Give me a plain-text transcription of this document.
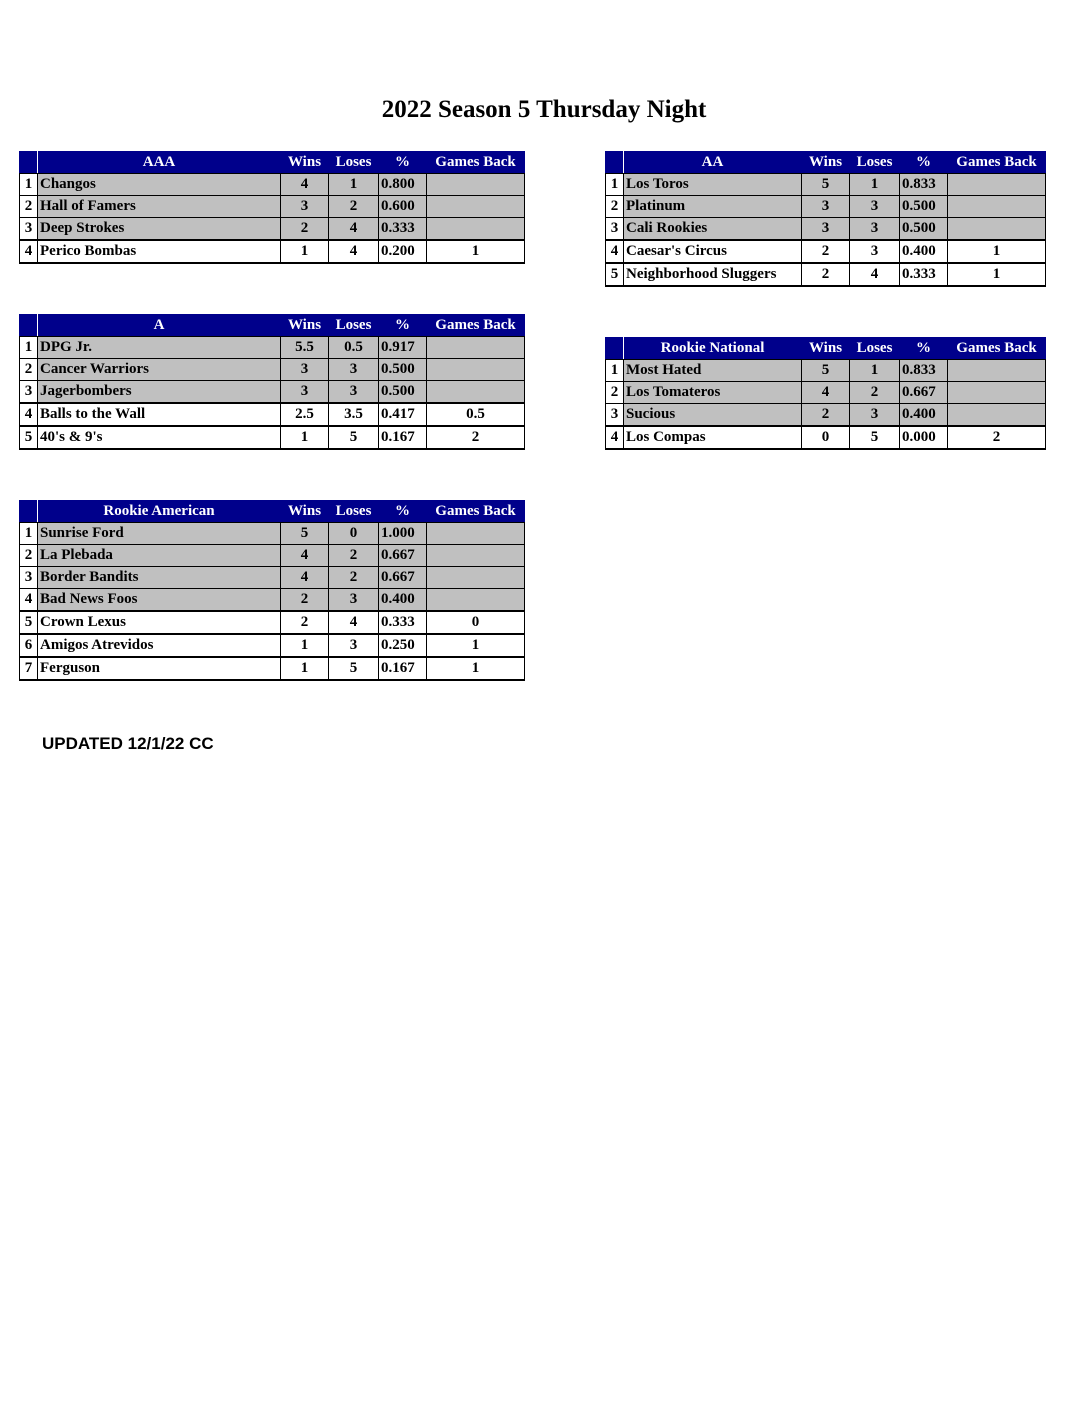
2022 Season 5 Thursday Night
	AAA	Wins	Loses	%	Games Back
1	Changos	4	1	0.800	
2	Hall of Famers	3	2	0.600	
3	Deep Strokes	2	4	0.333	
4	Perico Bombas	1	4	0.200	1
	AA	Wins	Loses	%	Games Back
1	Los Toros	5	1	0.833	
2	Platinum	3	3	0.500	
3	Cali Rookies	3	3	0.500	
4	Caesar's Circus	2	3	0.400	1
5	Neighborhood Sluggers	2	4	0.333	1
	A	Wins	Loses	%	Games Back
1	DPG Jr.	5.5	0.5	0.917	
2	Cancer Warriors	3	3	0.500	
3	Jagerbombers	3	3	0.500	
4	Balls to the Wall	2.5	3.5	0.417	0.5
5	40's & 9's	1	5	0.167	2
	Rookie National	Wins	Loses	%	Games Back
1	Most Hated	5	1	0.833	
2	Los Tomateros	4	2	0.667	
3	Sucious	2	3	0.400	
4	Los Compas	0	5	0.000	2
	Rookie American	Wins	Loses	%	Games Back
1	Sunrise Ford	5	0	1.000	
2	La Plebada	4	2	0.667	
3	Border Bandits	4	2	0.667	
4	Bad News Foos	2	3	0.400	
5	Crown Lexus	2	4	0.333	0
6	Amigos Atrevidos	1	3	0.250	1
7	Ferguson	1	5	0.167	1
UPDATED 12/1/22 CC
